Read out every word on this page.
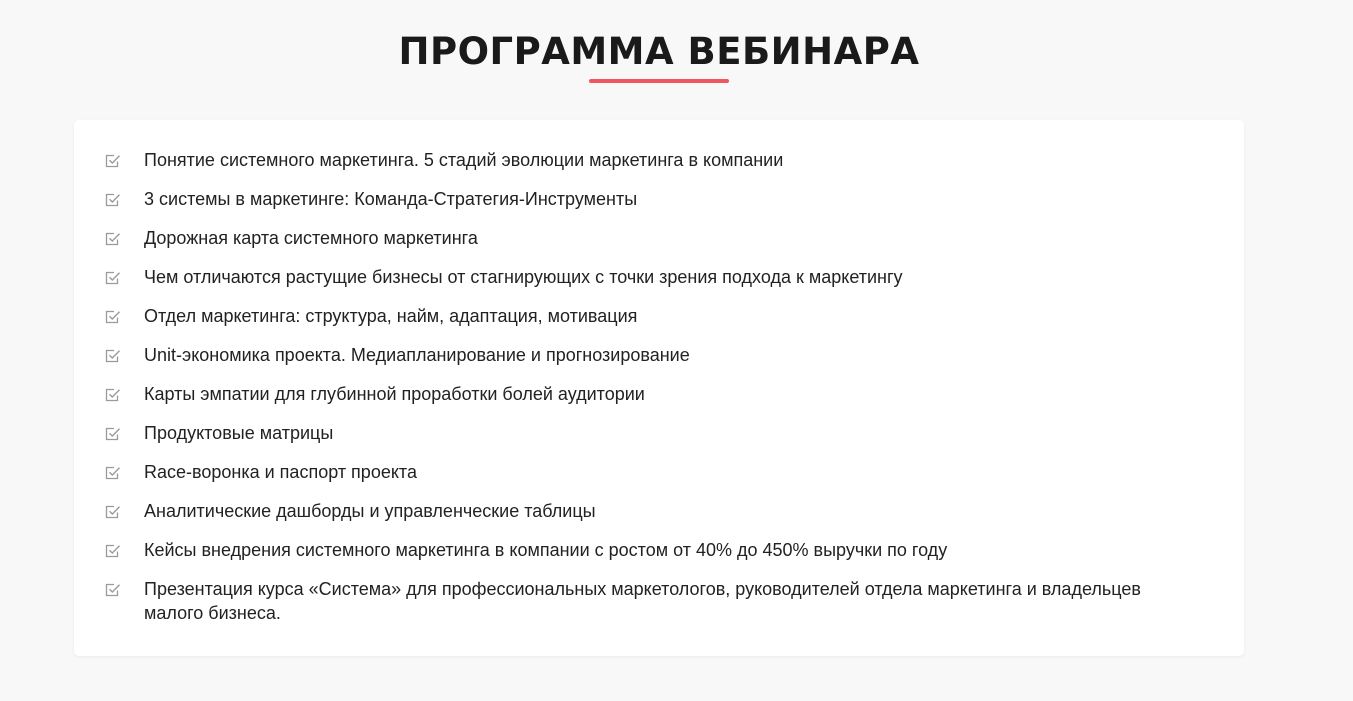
ПРОГРАММА ВЕБИНАРА
Понятие системного маркетинга. 5 стадий эволюции маркетинга в компании
3 системы в маркетинге: Команда-Стратегия-Инструменты
Дорожная карта системного маркетинга
Чем отличаются растущие бизнесы от стагнирующих с точки зрения подхода к маркетингу
Отдел маркетинга: структура, найм, адаптация, мотивация
Unit-экономика проекта. Медиапланирование и прогнозирование
Карты эмпатии для глубинной проработки болей аудитории
Продуктовые матрицы
Race-воронка и паспорт проекта
Аналитические дашборды и управленческие таблицы
Кейсы внедрения системного маркетинга в компании с ростом от 40% до 450% выручки по году
Презентация курса «Система» для профессиональных маркетологов, руководителей отдела маркетинга и владельцев малого бизнеса.
